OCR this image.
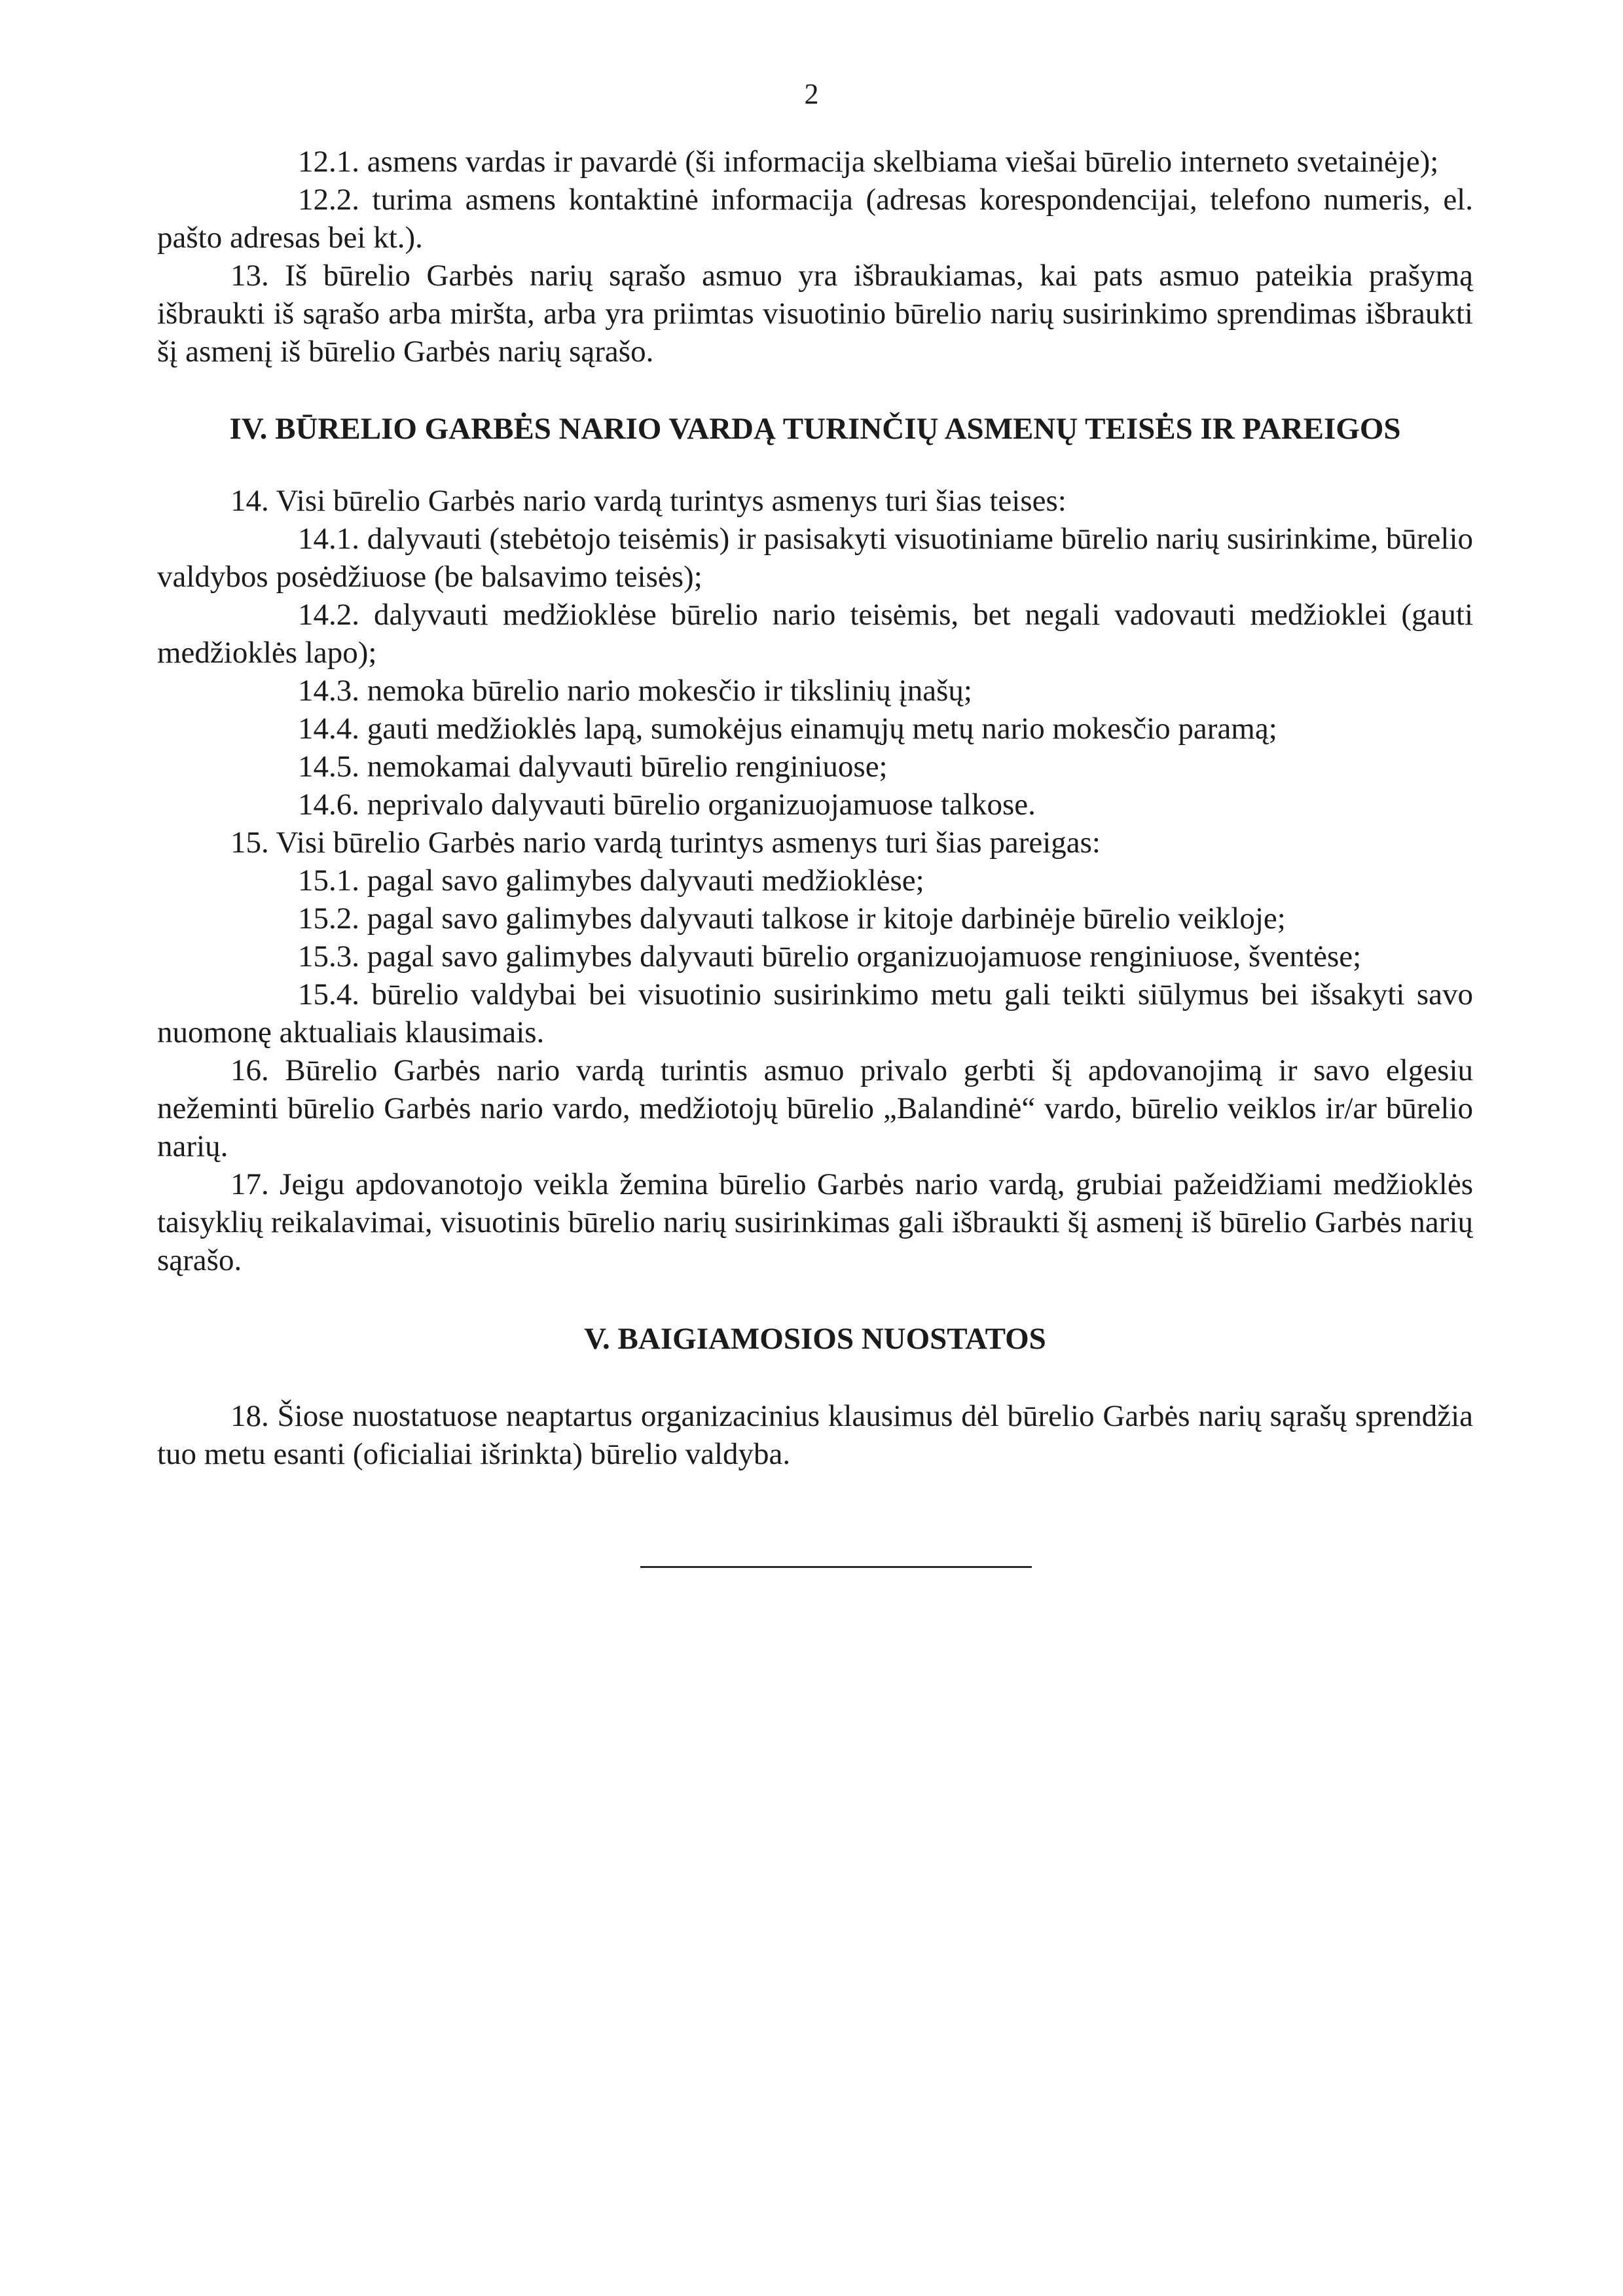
2

12.1. asmens vardas ir pavardė (ši informacija skelbiama viešai būrelio interneto svetainėje);

12.2. turima asmens kontaktinė informacija (adresas korespondencijai, telefono numeris, el. pašto adresas bei kt.).

13. Iš būrelio Garbės narių sąrašo asmuo yra išbraukiamas, kai pats asmuo pateikia prašymą išbraukti iš sąrašo arba miršta, arba yra priimtas visuotinio būrelio narių susirinkimo sprendimas išbraukti šį asmenį iš būrelio Garbės narių sąrašo.

IV. BŪRELIO GARBĖS NARIO VARDĄ TURINČIŲ ASMENŲ TEISĖS IR PAREIGOS

14. Visi būrelio Garbės nario vardą turintys asmenys turi šias teises:

14.1. dalyvauti (stebėtojo teisėmis) ir pasisakyti visuotiniame būrelio narių susirinkime, būrelio valdybos posėdžiuose (be balsavimo teisės);

14.2. dalyvauti medžioklėse būrelio nario teisėmis, bet negali vadovauti medžioklei (gauti medžioklės lapo);

14.3. nemoka būrelio nario mokesčio ir tikslinių įnašų;

14.4. gauti medžioklės lapą, sumokėjus einamųjų metų nario mokesčio paramą;

14.5. nemokamai dalyvauti būrelio renginiuose;

14.6. neprivalo dalyvauti būrelio organizuojamuose talkose.

15. Visi būrelio Garbės nario vardą turintys asmenys turi šias pareigas:

15.1. pagal savo galimybes dalyvauti medžioklėse;

15.2. pagal savo galimybes dalyvauti talkose ir kitoje darbinėje būrelio veikloje;

15.3. pagal savo galimybes dalyvauti būrelio organizuojamuose renginiuose, šventėse;

15.4. būrelio valdybai bei visuotinio susirinkimo metu gali teikti siūlymus bei išsakyti savo nuomonę aktualiais klausimais.

16. Būrelio Garbės nario vardą turintis asmuo privalo gerbti šį apdovanojimą ir savo elgesiu nežeminti būrelio Garbės nario vardo, medžiotojų būrelio „Balandinė“ vardo, būrelio veiklos ir/ar būrelio narių.

17. Jeigu apdovanotojo veikla žemina būrelio Garbės nario vardą, grubiai pažeidžiami medžioklės taisyklių reikalavimai, visuotinis būrelio narių susirinkimas gali išbraukti šį asmenį iš būrelio Garbės narių sąrašo.

V. BAIGIAMOSIOS NUOSTATOS

18. Šiose nuostatuose neaptartus organizacinius klausimus dėl būrelio Garbės narių sąrašų sprendžia tuo metu esanti (oficialiai išrinkta) būrelio valdyba.
